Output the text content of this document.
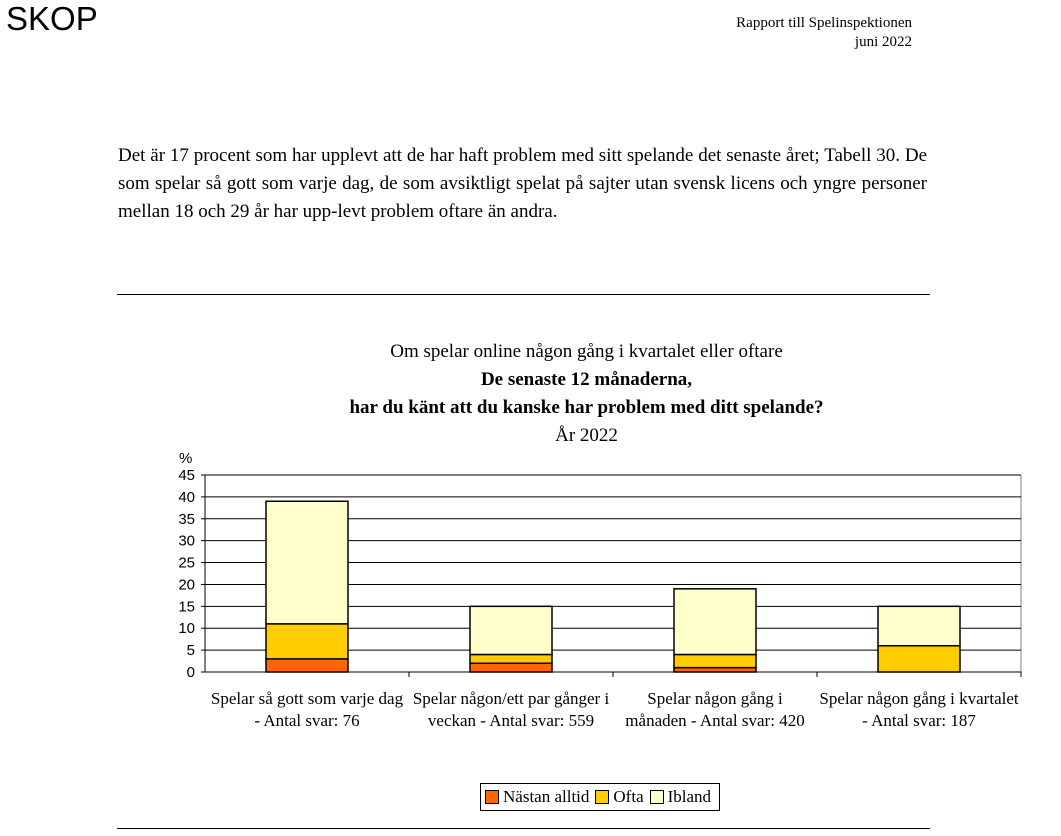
SKOP	Rapport till Spelinspektionen
juni 2022
Det är 17 procent som har upplevt att de har haft problem med sitt spelande det senaste året; Tabell 30. De som spelar så gott som varje dag, de som avsiktligt spelat på sajter utan svensk licens och yngre personer mellan 18 och 29 år har upp-levt problem oftare än andra.
Om spelar online någon gång i kvartalet eller oftare
De senaste 12 månaderna,
har du känt att du kanske har problem med ditt spelande?
År 2022
%
0
5
10
15
20
25
30
35
40
45
Spelar så gott som varje dag - Antal svar: 76
Spelar någon/ett par gånger i veckan - Antal svar: 559
Spelar någon gång i månaden - Antal svar: 420
Spelar någon gång i kvartalet - Antal svar: 187
Nästan alltid Ofta Ibland
